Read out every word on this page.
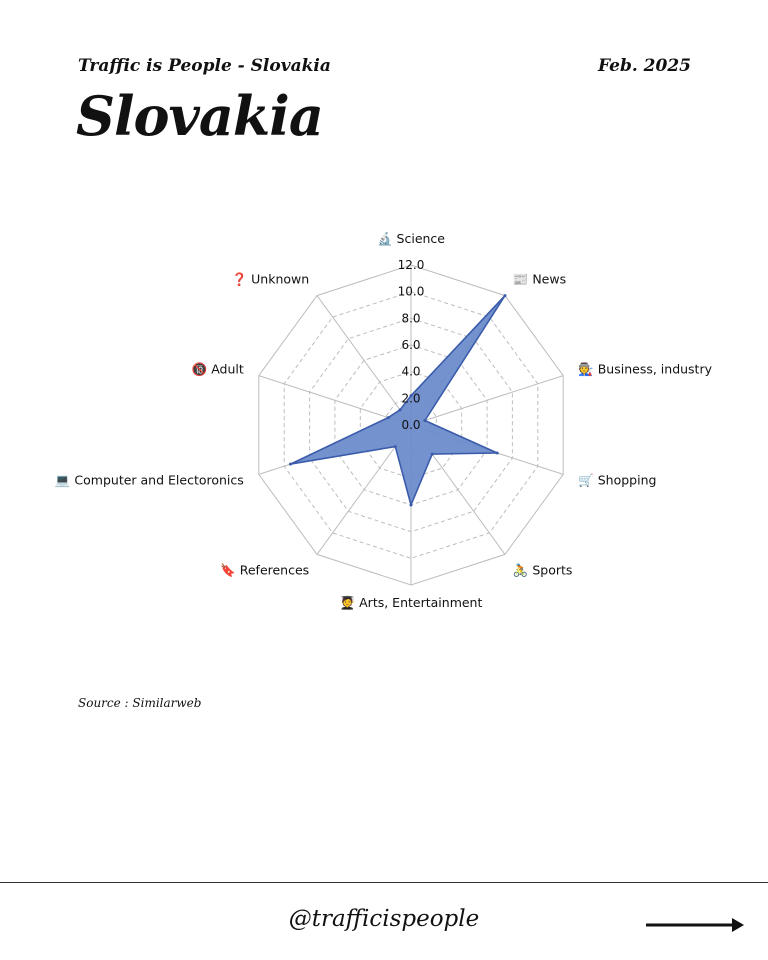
Traffic is People - Slovakia	Feb. 2025
Slovakia
0.0
2.0
4.0
6.0
8.0
10.0
12.0
🔬 Science
📰 News
🧑‍🏭 Business, industry
🛒 Shopping
🚴 Sports
🧑‍🎓 Arts, Entertainment
🔖 References
💻 Computer and Electoronics
🔞 Adult
❓ Unknown
Source : Similarweb
@trafficispeople
